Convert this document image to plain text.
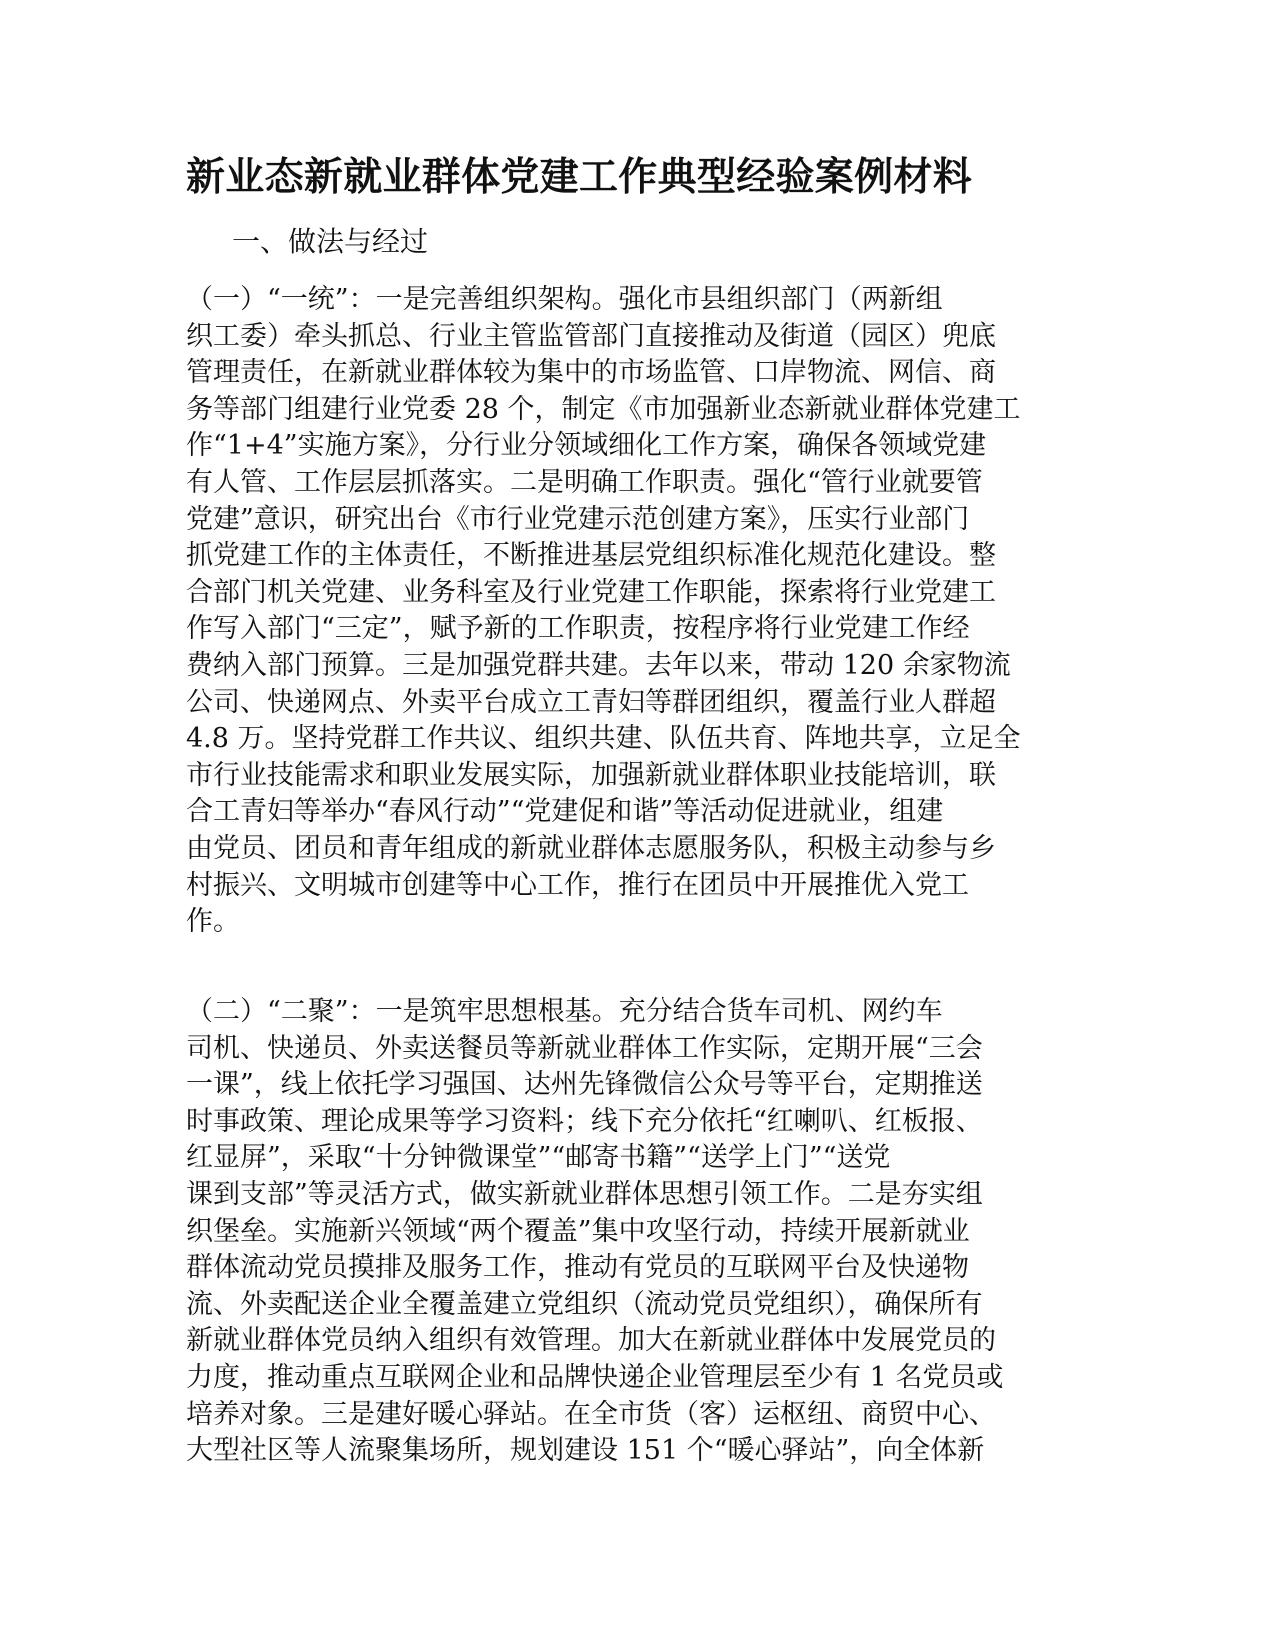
新业态新就业群体党建工作典型经验案例材料
一、做法与经过
（一）“一统”：一是完善组织架构。强化市县组织部门（两新组
织工委）牵头抓总、行业主管监管部门直接推动及街道（园区）兜底
管理责任，在新就业群体较为集中的市场监管、口岸物流、网信、商
务等部门组建行业党委 28 个，制定《市加强新业态新就业群体党建工
作“1+4”实施方案》，分行业分领域细化工作方案，确保各领域党建
有人管、工作层层抓落实。二是明确工作职责。强化“管行业就要管
党建”意识，研究出台《市行业党建示范创建方案》，压实行业部门
抓党建工作的主体责任，不断推进基层党组织标准化规范化建设。整
合部门机关党建、业务科室及行业党建工作职能，探索将行业党建工
作写入部门“三定”，赋予新的工作职责，按程序将行业党建工作经
费纳入部门预算。三是加强党群共建。去年以来，带动 120 余家物流
公司、快递网点、外卖平台成立工青妇等群团组织，覆盖行业人群超
4.8 万。坚持党群工作共议、组织共建、队伍共育、阵地共享，立足全
市行业技能需求和职业发展实际，加强新就业群体职业技能培训，联
合工青妇等举办“春风行动”“党建促和谐”等活动促进就业，组建
由党员、团员和青年组成的新就业群体志愿服务队，积极主动参与乡
村振兴、文明城市创建等中心工作，推行在团员中开展推优入党工
作。
（二）“二聚”：一是筑牢思想根基。充分结合货车司机、网约车
司机、快递员、外卖送餐员等新就业群体工作实际，定期开展“三会
一课”，线上依托学习强国、达州先锋微信公众号等平台，定期推送
时事政策、理论成果等学习资料；线下充分依托“红喇叭、红板报、
红显屏”，采取“十分钟微课堂”“邮寄书籍”“送学上门”“送党
课到支部”等灵活方式，做实新就业群体思想引领工作。二是夯实组
织堡垒。实施新兴领域“两个覆盖”集中攻坚行动，持续开展新就业
群体流动党员摸排及服务工作，推动有党员的互联网平台及快递物
流、外卖配送企业全覆盖建立党组织（流动党员党组织），确保所有
新就业群体党员纳入组织有效管理。加大在新就业群体中发展党员的
力度，推动重点互联网企业和品牌快递企业管理层至少有 1 名党员或
培养对象。三是建好暖心驿站。在全市货（客）运枢纽、商贸中心、
大型社区等人流聚集场所，规划建设 151 个“暖心驿站”，向全体新
